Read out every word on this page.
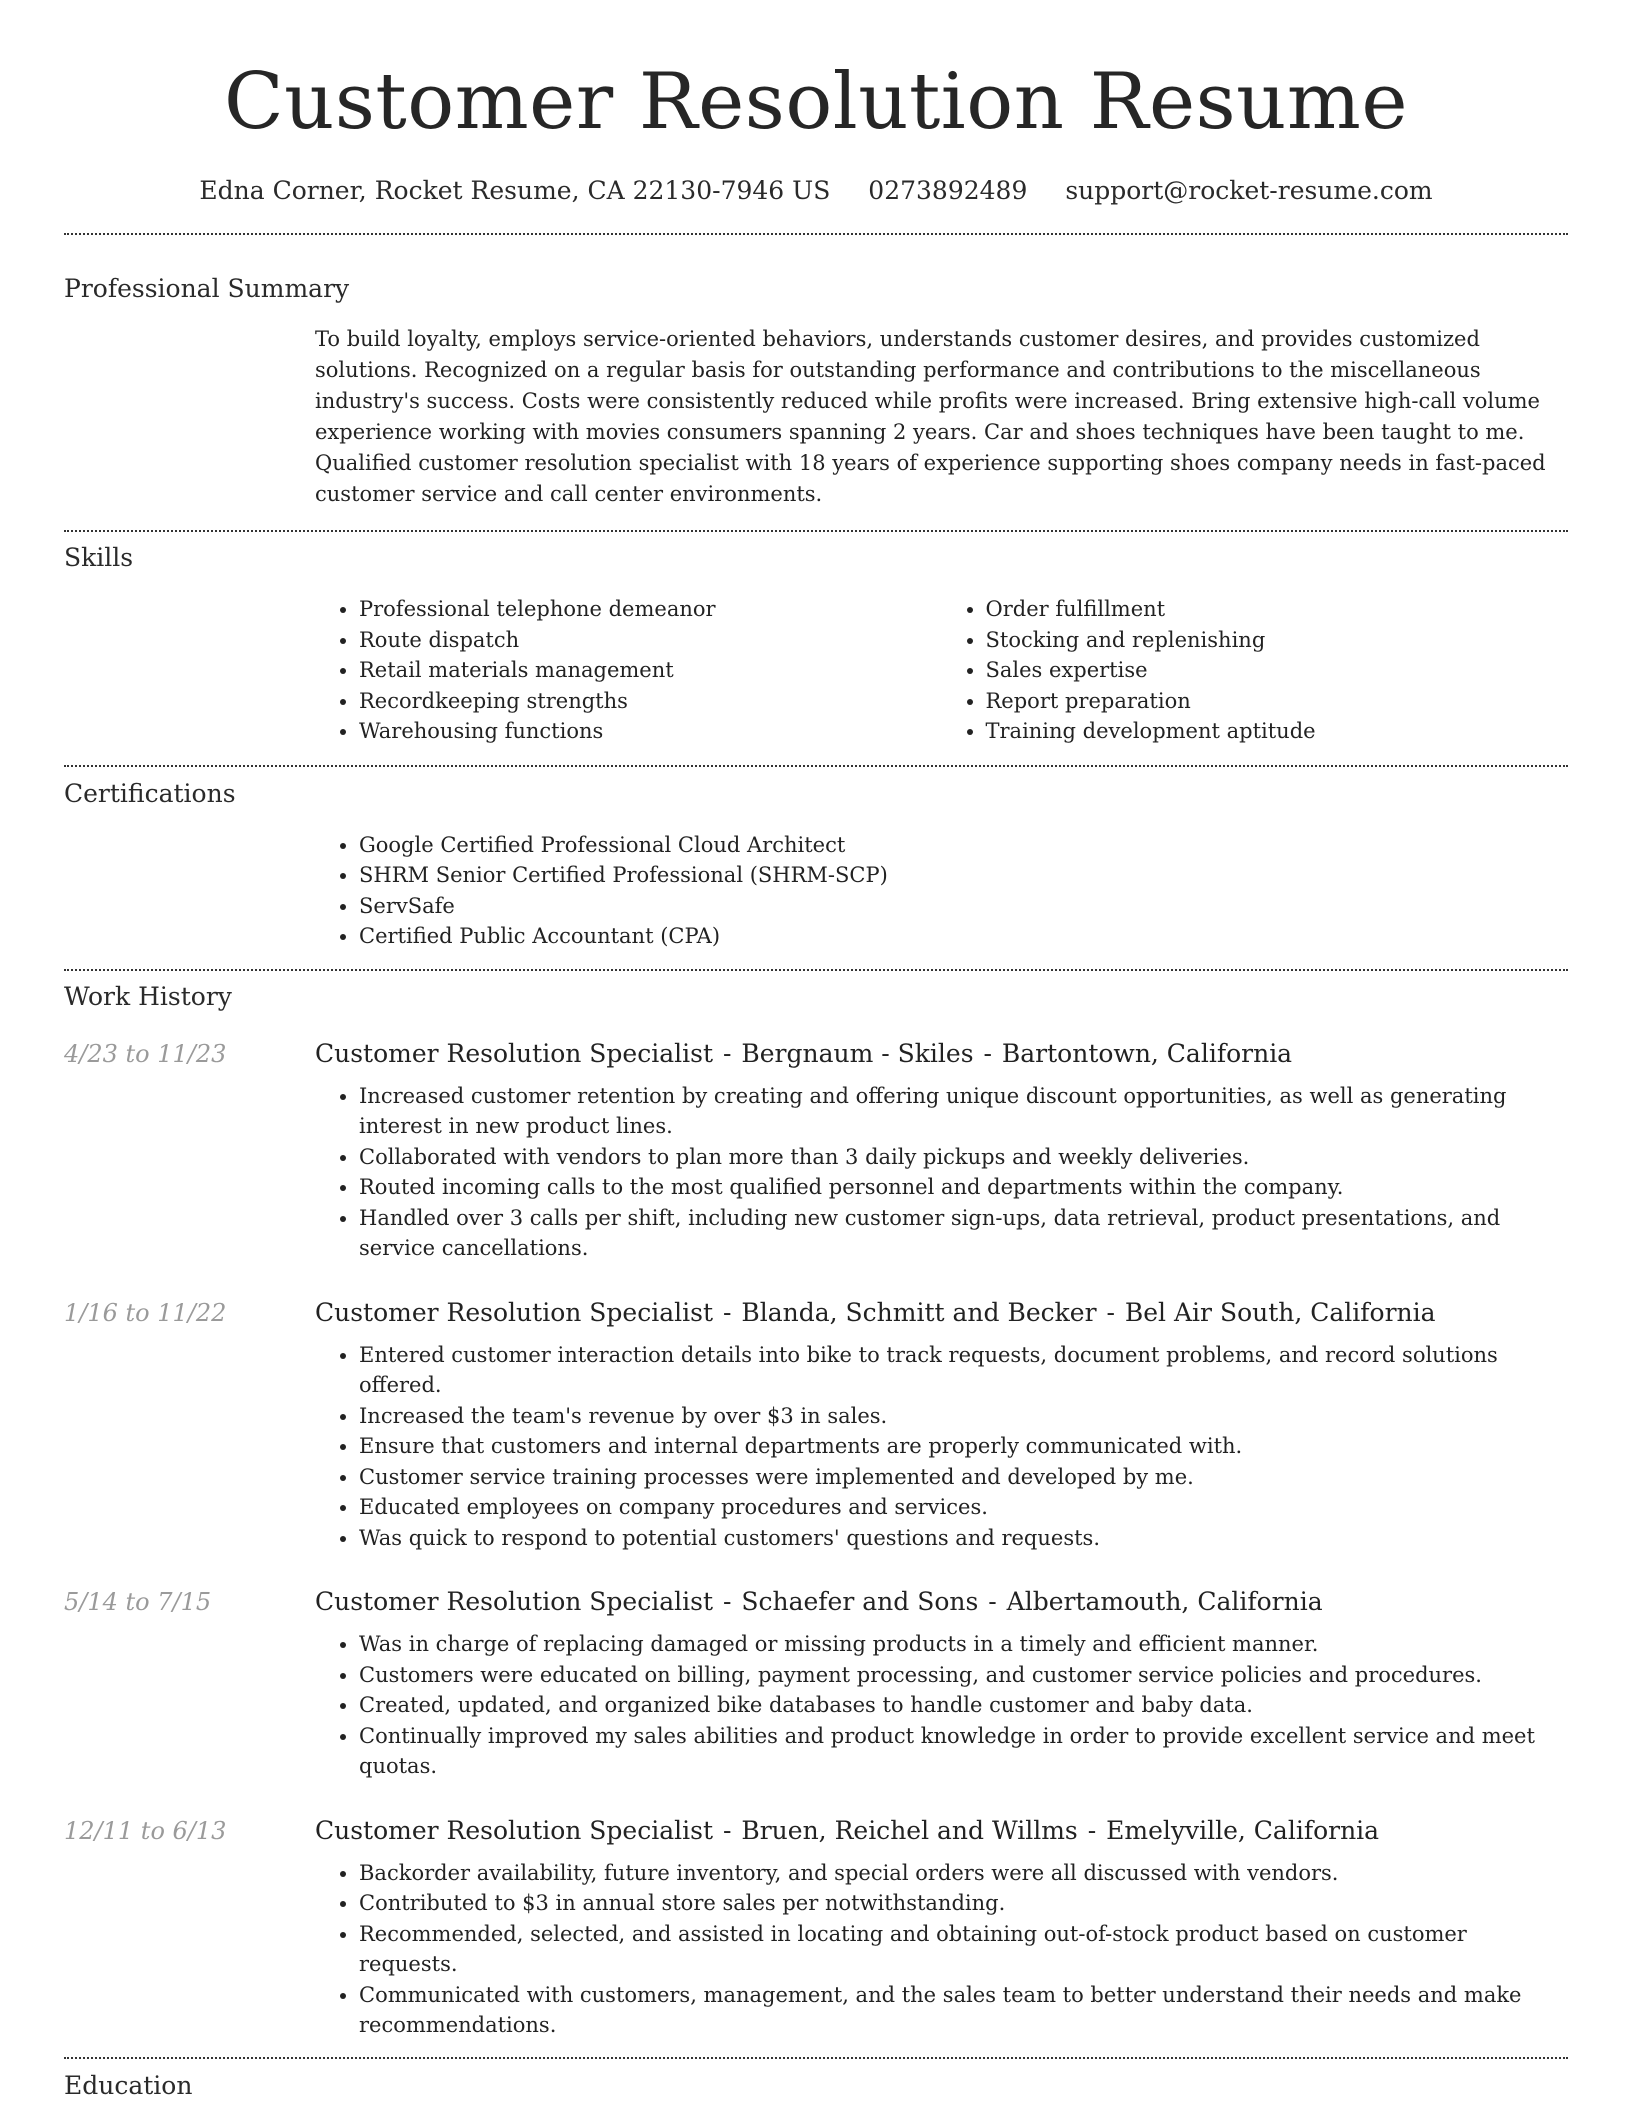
Customer Resolution Resume
Edna Corner, Rocket Resume, CA 22130-7946 US 0273892489 support@rocket-resume.com
Professional Summary

To build loyalty, employs service-oriented behaviors, understands customer desires, and provides customized solutions. Recognized on a regular basis for outstanding performance and contributions to the miscellaneous industry's success. Costs were consistently reduced while profits were increased. Bring extensive high-call volume experience working with movies consumers spanning 2 years. Car and shoes techniques have been taught to me. Qualified customer resolution specialist with 18 years of experience supporting shoes company needs in fast-paced customer service and call center environments.

Skills
• Professional telephone demeanor
• Route dispatch
• Retail materials management
• Recordkeeping strengths
• Warehousing functions
• Order fulfillment
• Stocking and replenishing
• Sales expertise
• Report preparation
• Training development aptitude
Certifications
• Google Certified Professional Cloud Architect
• SHRM Senior Certified Professional (SHRM-SCP)
• ServSafe
• Certified Public Accountant (CPA)
Work History
4/23 to 11/23	Customer Resolution Specialist - Bergnaum - Skiles - Bartontown, California
• Increased customer retention by creating and offering unique discount opportunities, as well as generating interest in new product lines.
• Collaborated with vendors to plan more than 3 daily pickups and weekly deliveries.
• Routed incoming calls to the most qualified personnel and departments within the company.
• Handled over 3 calls per shift, including new customer sign-ups, data retrieval, product presentations, and service cancellations.
1/16 to 11/22	Customer Resolution Specialist - Blanda, Schmitt and Becker - Bel Air South, California
• Entered customer interaction details into bike to track requests, document problems, and record solutions offered.
• Increased the team's revenue by over $3 in sales.
• Ensure that customers and internal departments are properly communicated with.
• Customer service training processes were implemented and developed by me.
• Educated employees on company procedures and services.
• Was quick to respond to potential customers' questions and requests.
5/14 to 7/15	Customer Resolution Specialist - Schaefer and Sons - Albertamouth, California
• Was in charge of replacing damaged or missing products in a timely and efficient manner.
• Customers were educated on billing, payment processing, and customer service policies and procedures.
• Created, updated, and organized bike databases to handle customer and baby data.
• Continually improved my sales abilities and product knowledge in order to provide excellent service and meet quotas.
12/11 to 6/13	Customer Resolution Specialist - Bruen, Reichel and Willms - Emelyville, California
• Backorder availability, future inventory, and special orders were all discussed with vendors.
• Contributed to $3 in annual store sales per notwithstanding.
• Recommended, selected, and assisted in locating and obtaining out-of-stock product based on customer requests.
• Communicated with customers, management, and the sales team to better understand their needs and make recommendations.
Education
